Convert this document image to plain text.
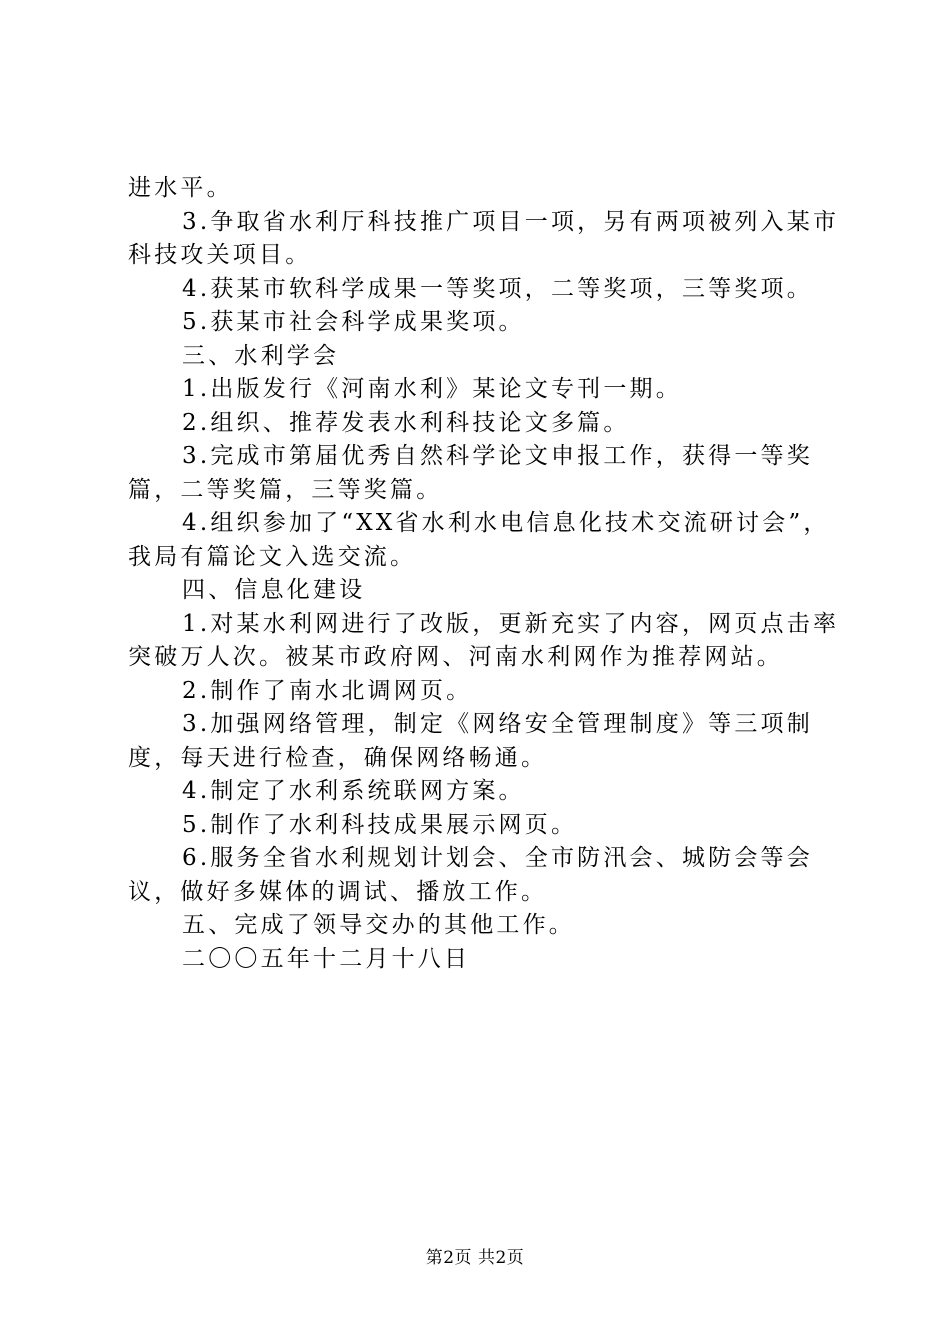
进水平。

3.争取省水利厅科技推广项目一项，另有两项被列入某市科技攻关项目。

4.获某市软科学成果一等奖项，二等奖项，三等奖项。

5.获某市社会科学成果奖项。

三、水利学会

1.出版发行《河南水利》某论文专刊一期。

2.组织、推荐发表水利科技论文多篇。

3.完成市第届优秀自然科学论文申报工作，获得一等奖篇，二等奖篇，三等奖篇。

4.组织参加了“XX省水利水电信息化技术交流研讨会”，我局有篇论文入选交流。

四、信息化建设

1.对某水利网进行了改版，更新充实了内容，网页点击率突破万人次。被某市政府网、河南水利网作为推荐网站。

2.制作了南水北调网页。

3.加强网络管理，制定《网络安全管理制度》等三项制度，每天进行检查，确保网络畅通。

4.制定了水利系统联网方案。

5.制作了水利科技成果展示网页。

6.服务全省水利规划计划会、全市防汛会、城防会等会议，做好多媒体的调试、播放工作。

五、完成了领导交办的其他工作。

二〇〇五年十二月十八日

第2页 共2页
